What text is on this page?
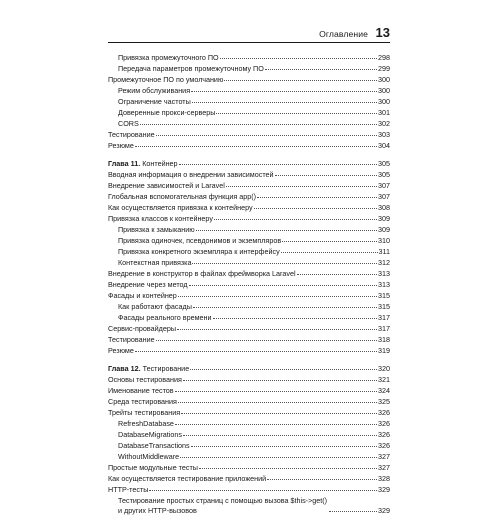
Оглавление 13
Привязка промежуточного ПО	298
Передача параметров промежуточному ПО	299
Промежуточное ПО по умолчанию	300
Режим обслуживания	300
Ограничение частоты	300
Доверенные прокси-серверы	301
CORS	302
Тестирование	303
Резюме	304
Глава 11. Контейнер	305
Вводная информация о внедрении зависимостей	305
Внедрение зависимостей и Laravel	307
Глобальная вспомогательная функция app()	307
Как осуществляется привязка к контейнеру	308
Привязка классов к контейнеру	309
Привязка к замыканию	309
Привязка одиночек, псевдонимов и экземпляров	310
Привязка конкретного экземпляра к интерфейсу	311
Контекстная привязка	312
Внедрение в конструктор в файлах фреймворка Laravel	313
Внедрение через метод	313
Фасады и контейнер	315
Как работают фасады	315
Фасады реального времени	317
Сервис-провайдеры	317
Тестирование	318
Резюме	319
Глава 12. Тестирование	320
Основы тестирования	321
Именование тестов	324
Среда тестирования	325
Трейты тестирования	326
RefreshDatabase	326
DatabaseMigrations	326
DatabaseTransactions	326
WithoutMiddleware	327
Простые модульные тесты	327
Как осуществляется тестирование приложений	328
HTTP-тесты	329
Тестирование простых страниц с помощью вызова $this->get() и других HTTP-вызовов	329
